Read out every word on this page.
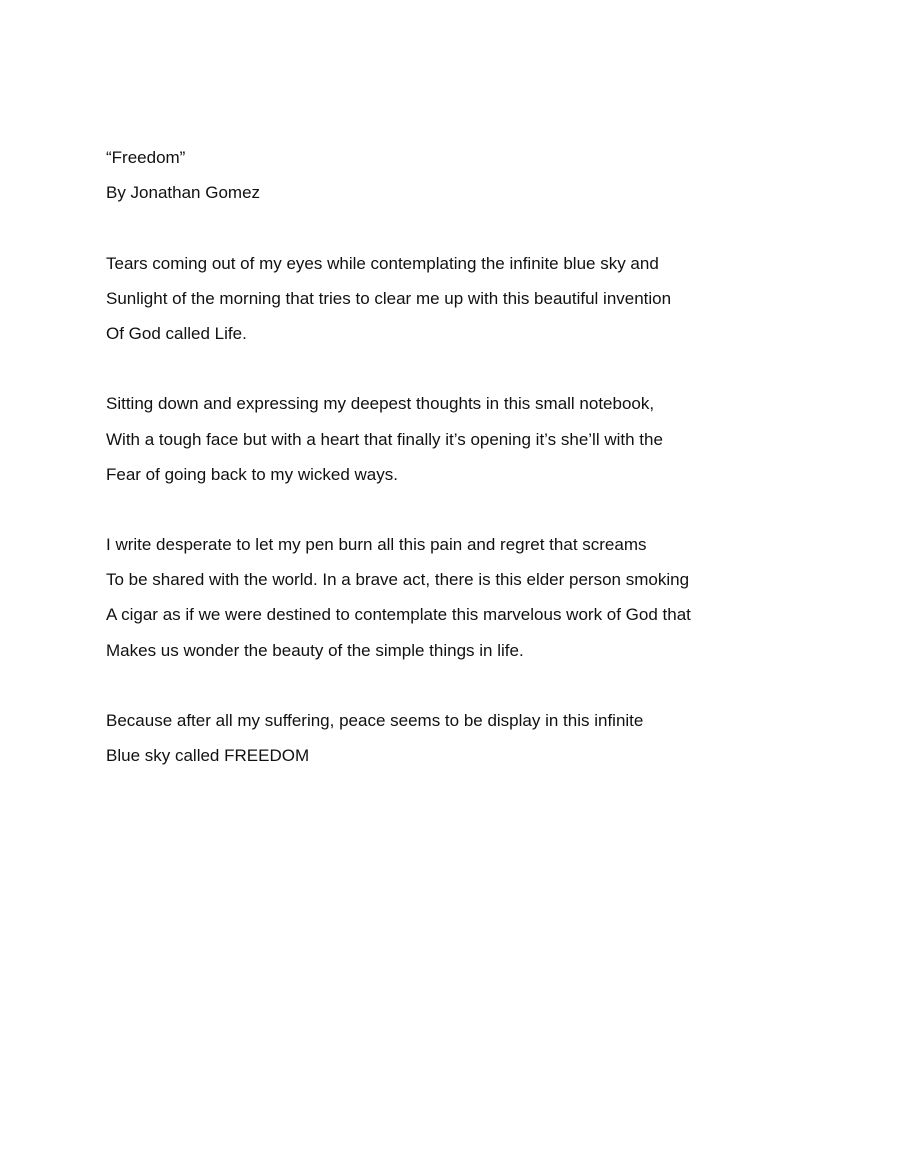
“Freedom”

By Jonathan Gomez

Tears coming out of my eyes while contemplating the infinite blue sky and

Sunlight of the morning that tries to clear me up with this beautiful invention

Of God called Life.

Sitting down and expressing my deepest thoughts in this small notebook,

With a tough face but with a heart that finally it’s opening it’s she’ll with the

Fear of going back to my wicked ways.

I write desperate to let my pen burn all this pain and regret that screams

To be shared with the world. In a brave act, there is this elder person smoking

A cigar as if we were destined to contemplate this marvelous work of God that

Makes us wonder the beauty of the simple things in life.

Because after all my suffering, peace seems to be display in this infinite

Blue sky called FREEDOM
